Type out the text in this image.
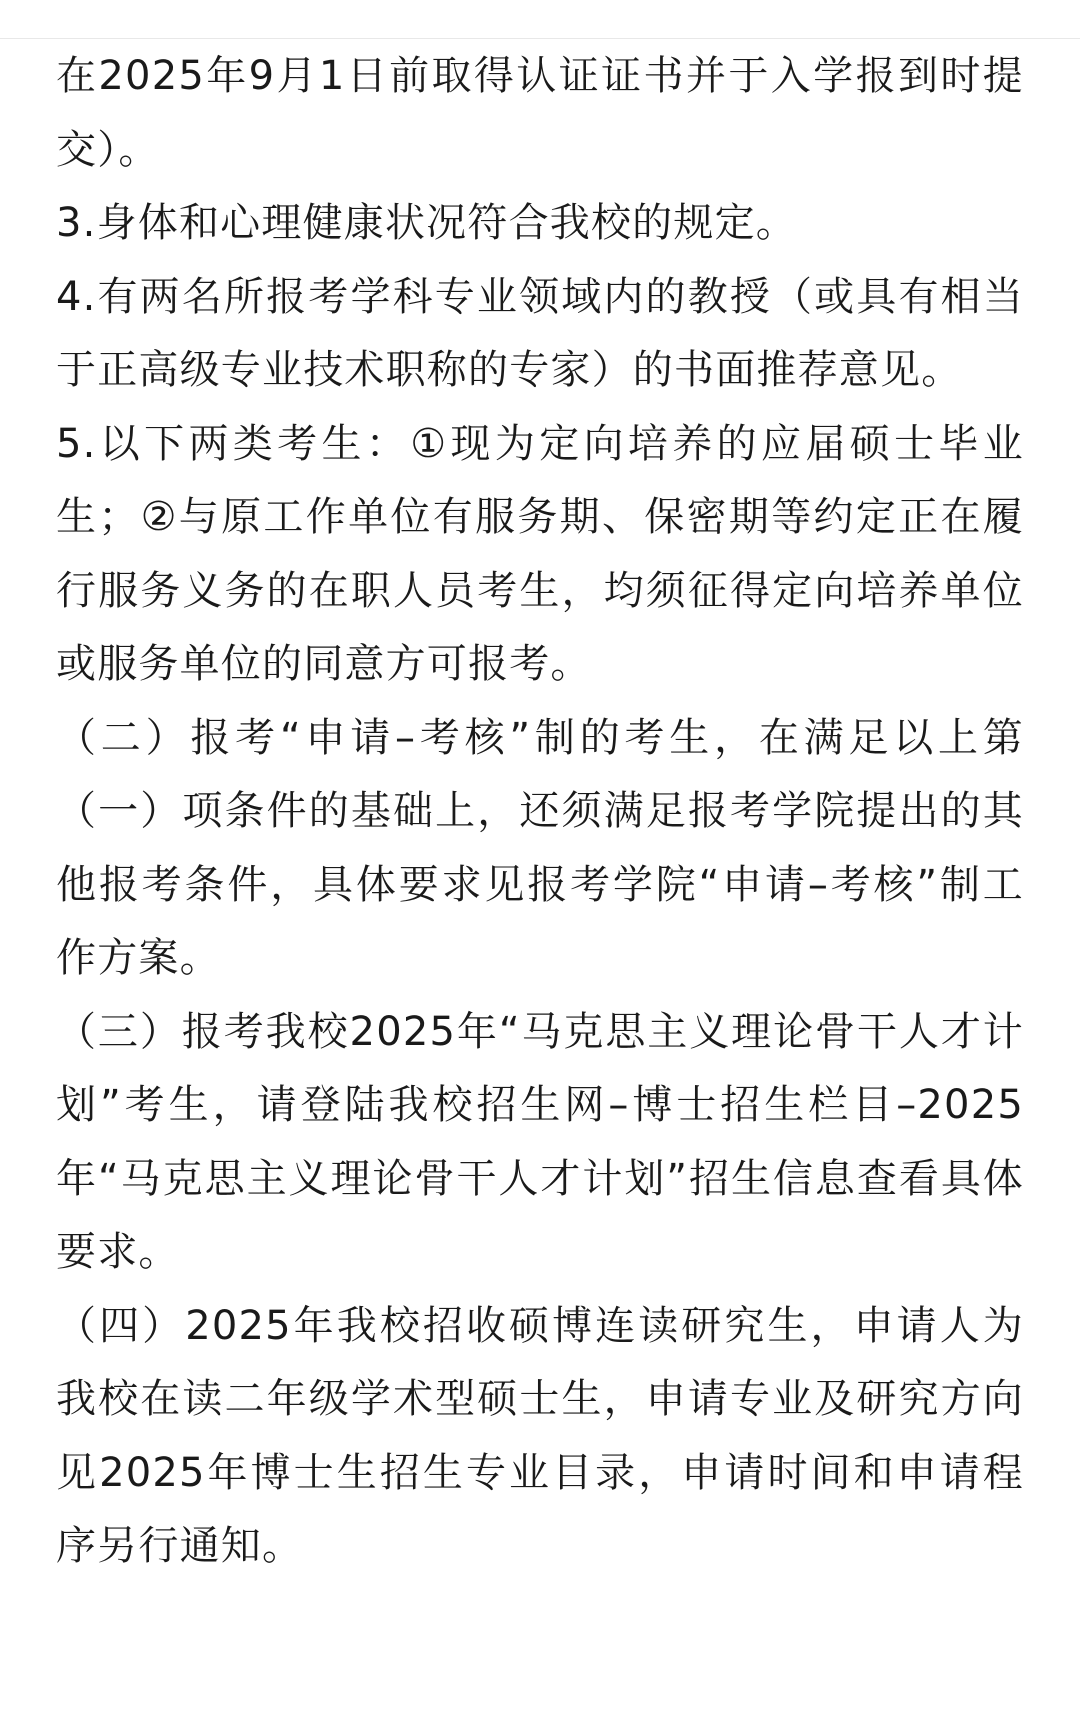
在2025年9月1日前取得认证证书并于入学报到时提交）。

3.身体和心理健康状况符合我校的规定。

4.有两名所报考学科专业领域内的教授（或具有相当于正高级专业技术职称的专家）的书面推荐意见。

5.以下两类考生：①现为定向培养的应届硕士毕业生；②与原工作单位有服务期、保密期等约定正在履行服务义务的在职人员考生，均须征得定向培养单位或服务单位的同意方可报考。

（二）报考“申请–考核”制的考生，在满足以上第（一）项条件的基础上，还须满足报考学院提出的其他报考条件，具体要求见报考学院“申请–考核”制工作方案。

（三）报考我校2025年“马克思主义理论骨干人才计划”考生，请登陆我校招生网–博士招生栏目–2025年“马克思主义理论骨干人才计划”招生信息查看具体要求。

（四）2025年我校招收硕博连读研究生，申请人为我校在读二年级学术型硕士生，申请专业及研究方向见2025年博士生招生专业目录，申请时间和申请程序另行通知。
